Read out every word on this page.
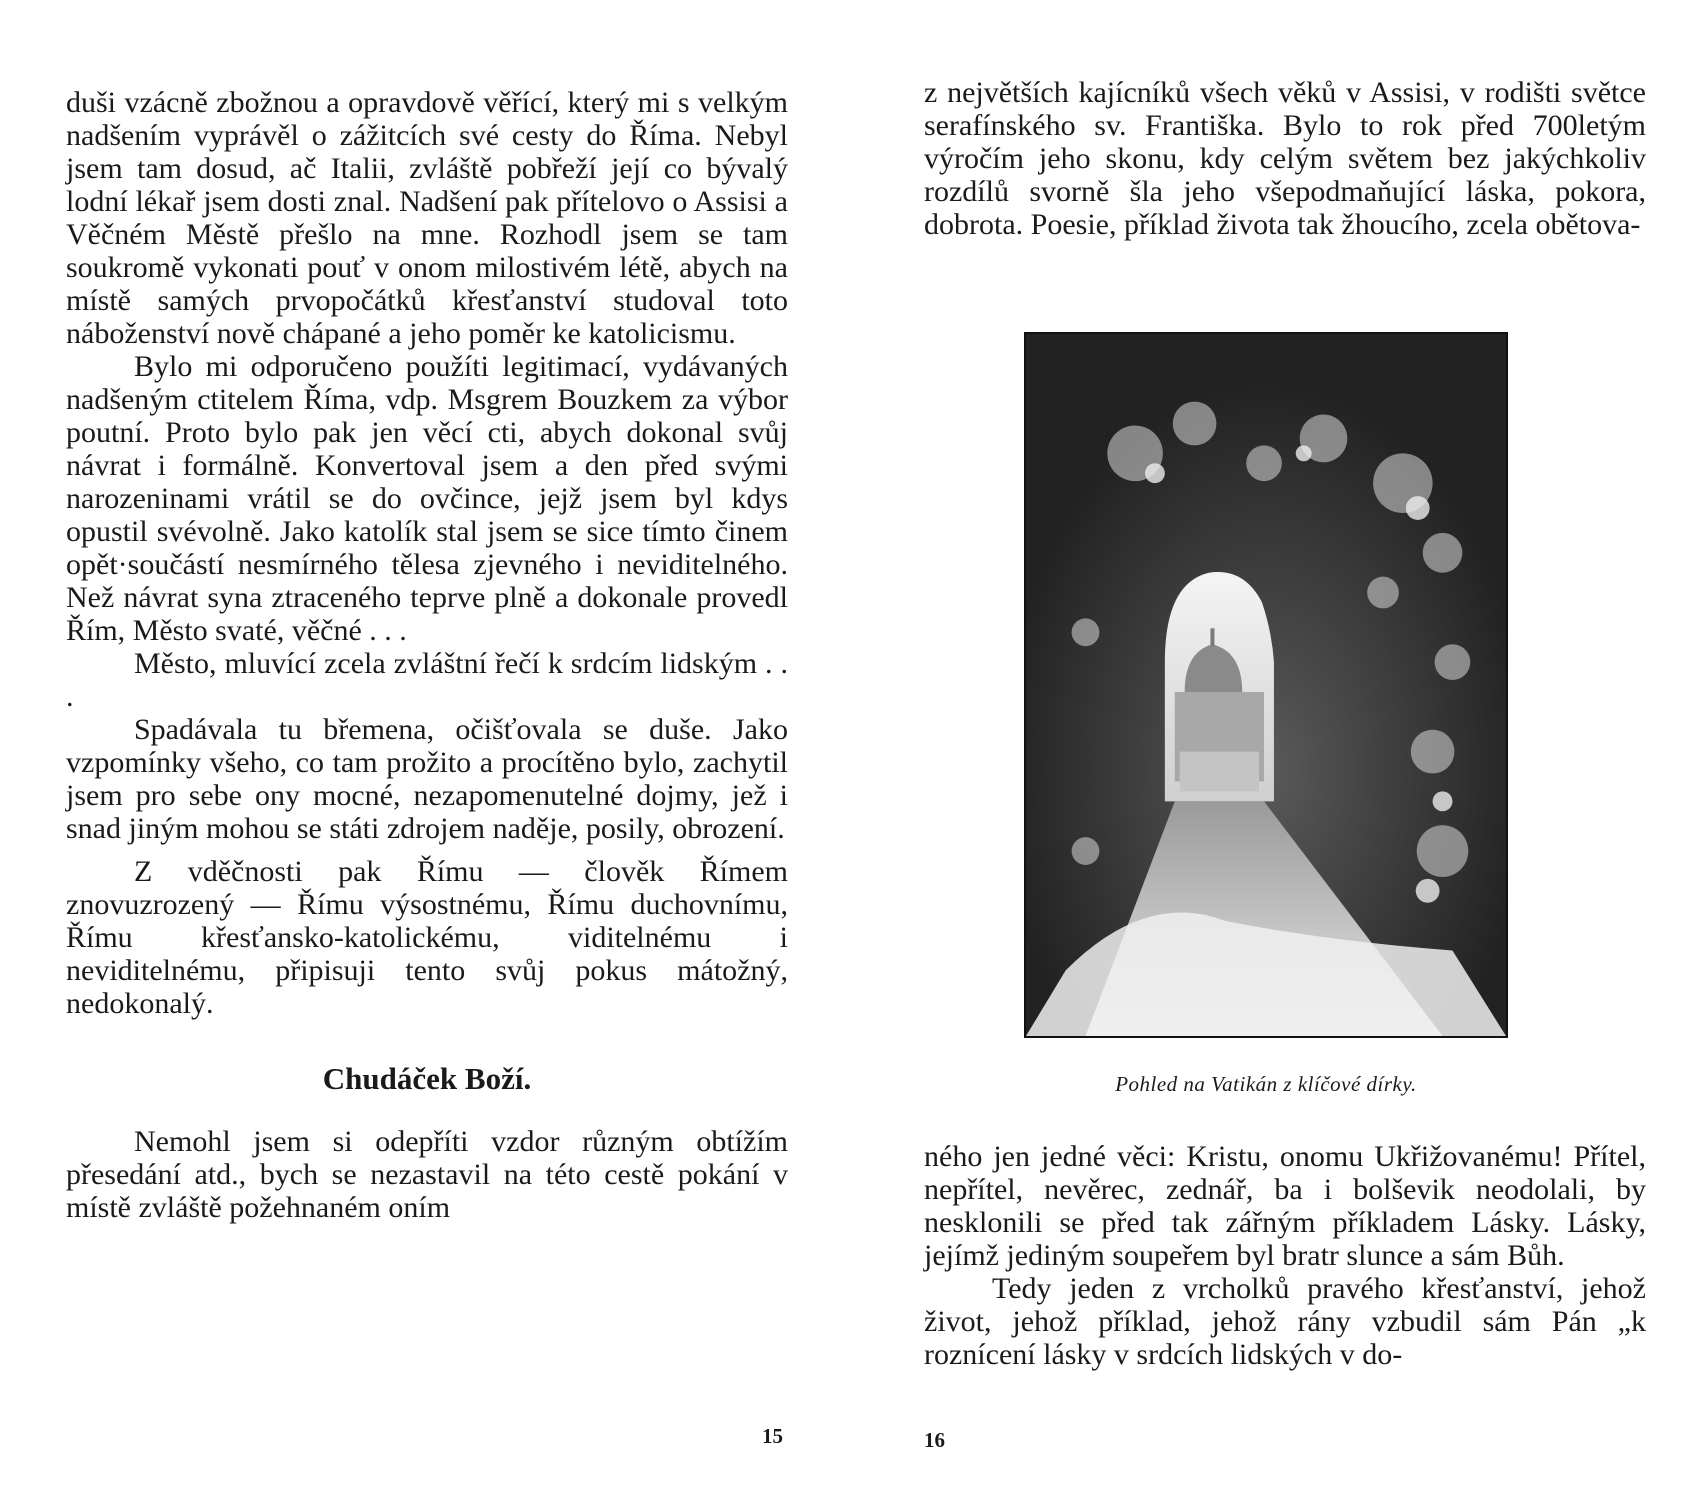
duši vzácně zbožnou a opravdově věřící, který mi s velkým nadšením vyprávěl o zážitcích své cesty do Říma. Nebyl jsem tam dosud, ač Italii, zvláště pobřeží její co bývalý lodní lékař jsem dosti znal. Nadšení pak přítelovo o Assisi a Věčném Městě přešlo na mne. Rozhodl jsem se tam soukromě vykonati pouť v onom milostivém létě, abych na místě samých prvopočátků křesťanství studoval toto náboženství nově chápané a jeho poměr ke katolicismu.

Bylo mi odporučeno použíti legitimací, vydávaných nadšeným ctitelem Říma, vdp. Msgrem Bouzkem za výbor poutní. Proto bylo pak jen věcí cti, abych dokonal svůj návrat i formálně. Konvertoval jsem a den před svými narozeninami vrátil se do ovčince, jejž jsem byl kdys opustil svévolně. Jako katolík stal jsem se sice tímto činem opět·součástí nesmírného tělesa zjevného i neviditelného. Než návrat syna ztraceného teprve plně a dokonale provedl Řím, Město svaté, věčné . . .

Město, mluvící zcela zvláštní řečí k srdcím lidským . . .

Spadávala tu břemena, očišťovala se duše. Jako vzpomínky všeho, co tam prožito a procítěno bylo, zachytil jsem pro sebe ony mocné, nezapomenutelné dojmy, jež i snad jiným mohou se státi zdrojem naděje, posily, obrození.

Z vděčnosti pak Římu — člověk Římem znovuzrozený — Římu výsostnému, Římu duchovnímu, Římu křesťansko-katolickému, viditelnému i neviditelnému, připisuji tento svůj pokus mátožný, nedokonalý.

Chudáček Boží.

Nemohl jsem si odepříti vzdor různým obtížím přesedání atd., bych se nezastavil na této cestě pokání v místě zvláště požehnaném oním

15

z největších kajícníků všech věků v Assisi, v rodišti světce serafínského sv. Františka. Bylo to rok před 700letým výročím jeho skonu, kdy celým světem bez jakýchkoliv rozdílů svorně šla jeho všepodmaňující láska, pokora, dobrota. Poesie, příklad života tak žhoucího, zcela obětova-

Pohled na Vatikán z klíčové dírky.

ného jen jedné věci: Kristu, onomu Ukřižovanému! Přítel, nepřítel, nevěrec, zednář, ba i bolševik neodolali, by nesklonili se před tak zářným příkladem Lásky. Lásky, jejímž jediným soupeřem byl bratr slunce a sám Bůh.

Tedy jeden z vrcholků pravého křesťanství, jehož život, jehož příklad, jehož rány vzbudil sám Pán „k roznícení lásky v srdcích lidských v do-

16
